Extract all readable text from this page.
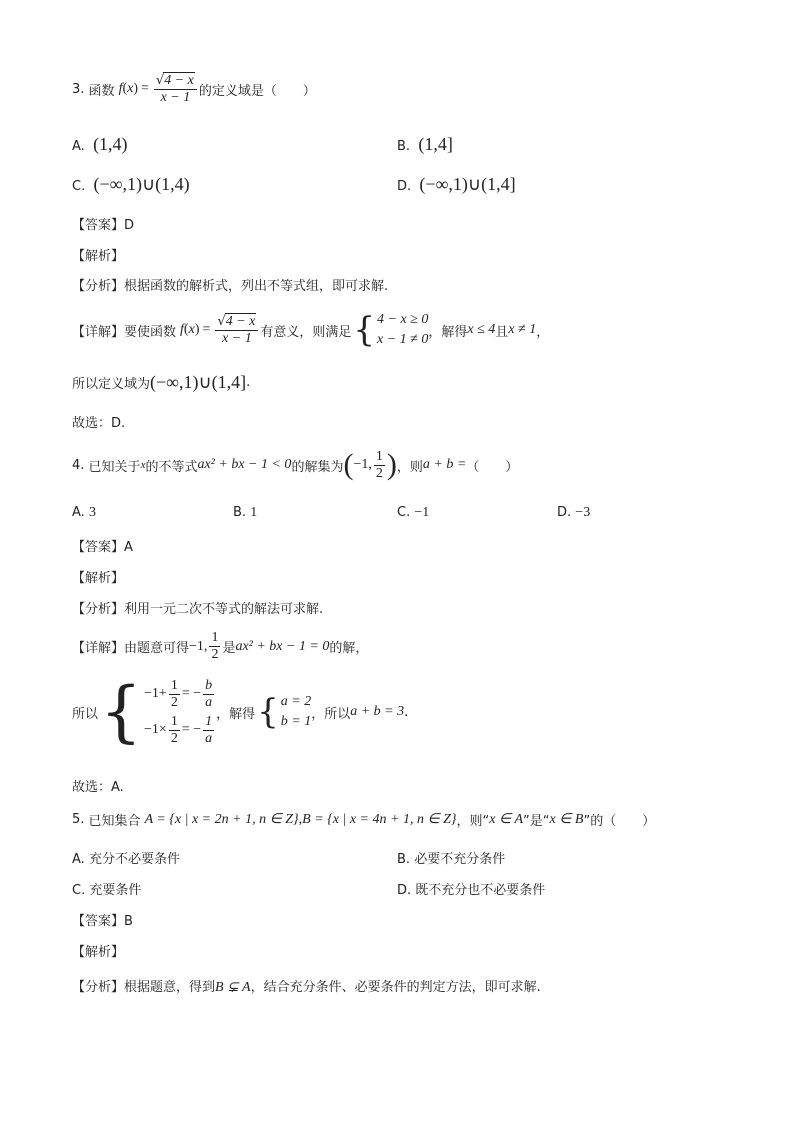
3.
函数 f ( x ) = $\frac{√4 - x}{x - 1}$ 的定义域是（　　）
A. (1,4)	B. (1,4]
C. (−∞,1)∪(1,4)	D. (−∞,1)∪(1,4]
【答案】D
【解析】
【分析】根据函数的解析式，列出不等式组，即可求解.
【详解】 要使函数 f ( x ) = $\frac{√4 - x}{x - 1}$ 有意义，则满足 { 4 − x ≥ 0
x − 1 ≠ 0 ，解得 x ≤ 4 且 x ≠ 1 ，
所以定义域为 (−∞,1)∪(1,4] .
故选：D.
4.
已知关于 x 的不等式 ax² + bx − 1 < 0 的解集为 ( −1, $\frac{1}{2}$ ) ，则 a + b = （　　）
A. 3	B. 1	C. −1	D. −3
【答案】A
【解析】
【分析】利用一元二次不等式的解法可求解.
【详解】 由题意可得 −1, $\frac{1}{2}$ 是 ax² + bx − 1 = 0 的解，
所以 { $-1+ \frac{1}{2}$ = − $\frac{b}{a}$
$-1\times \frac{1}{2}$ = − $\frac{1}{a}$ ，解得 { a = 2
b = 1 ，所以 a + b = 3 .
故选：A.
5.
已知集合 A = {x | x = 2n + 1, n ∈ Z} , B = {x | x = 4n + 1, n ∈ Z} ，则“ x ∈ A ”是“ x ∈ B ”的（　　）
A. 充分不必要条件	B. 必要不充分条件
C. 充要条件	D. 既不充分也不必要条件
【答案】B
【解析】
【分析】根据题意，得到B ⊊ A，结合充分条件、必要条件的判定方法，即可求解.
